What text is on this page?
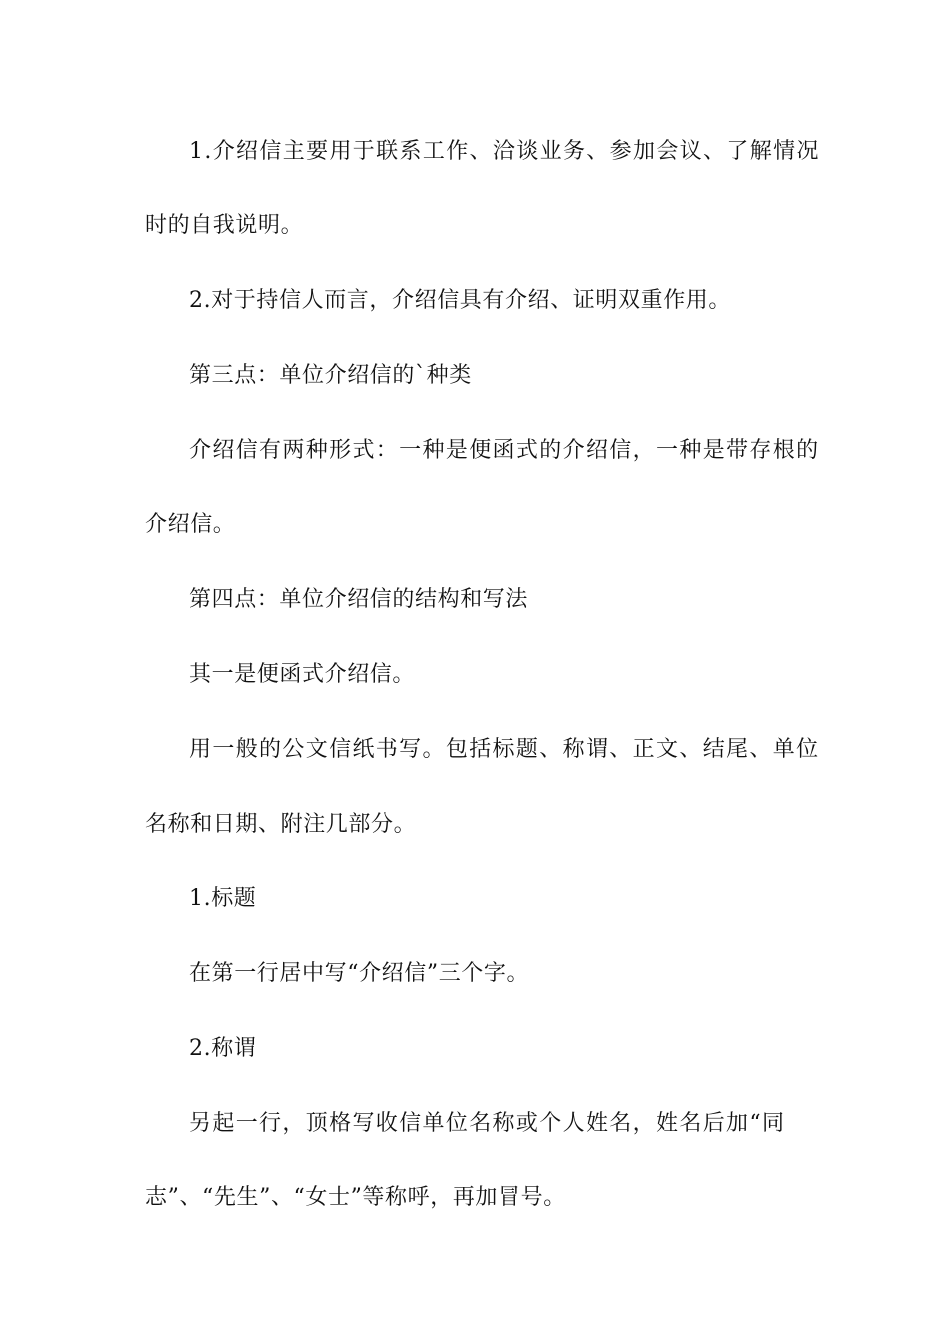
1.介绍信主要用于联系工作、洽谈业务、参加会议、了解情况
时的自我说明。
2.对于持信人而言，介绍信具有介绍、证明双重作用。
第三点：单位介绍信的`种类
介绍信有两种形式：一种是便函式的介绍信，一种是带存根的
介绍信。
第四点：单位介绍信的结构和写法
其一是便函式介绍信。
用一般的公文信纸书写。包括标题、称谓、正文、结尾、单位
名称和日期、附注几部分。
1.标题
在第一行居中写“介绍信”三个字。
2.称谓
另起一行，顶格写收信单位名称或个人姓名，姓名后加“同
志”、“先生”、“女士”等称呼，再加冒号。
